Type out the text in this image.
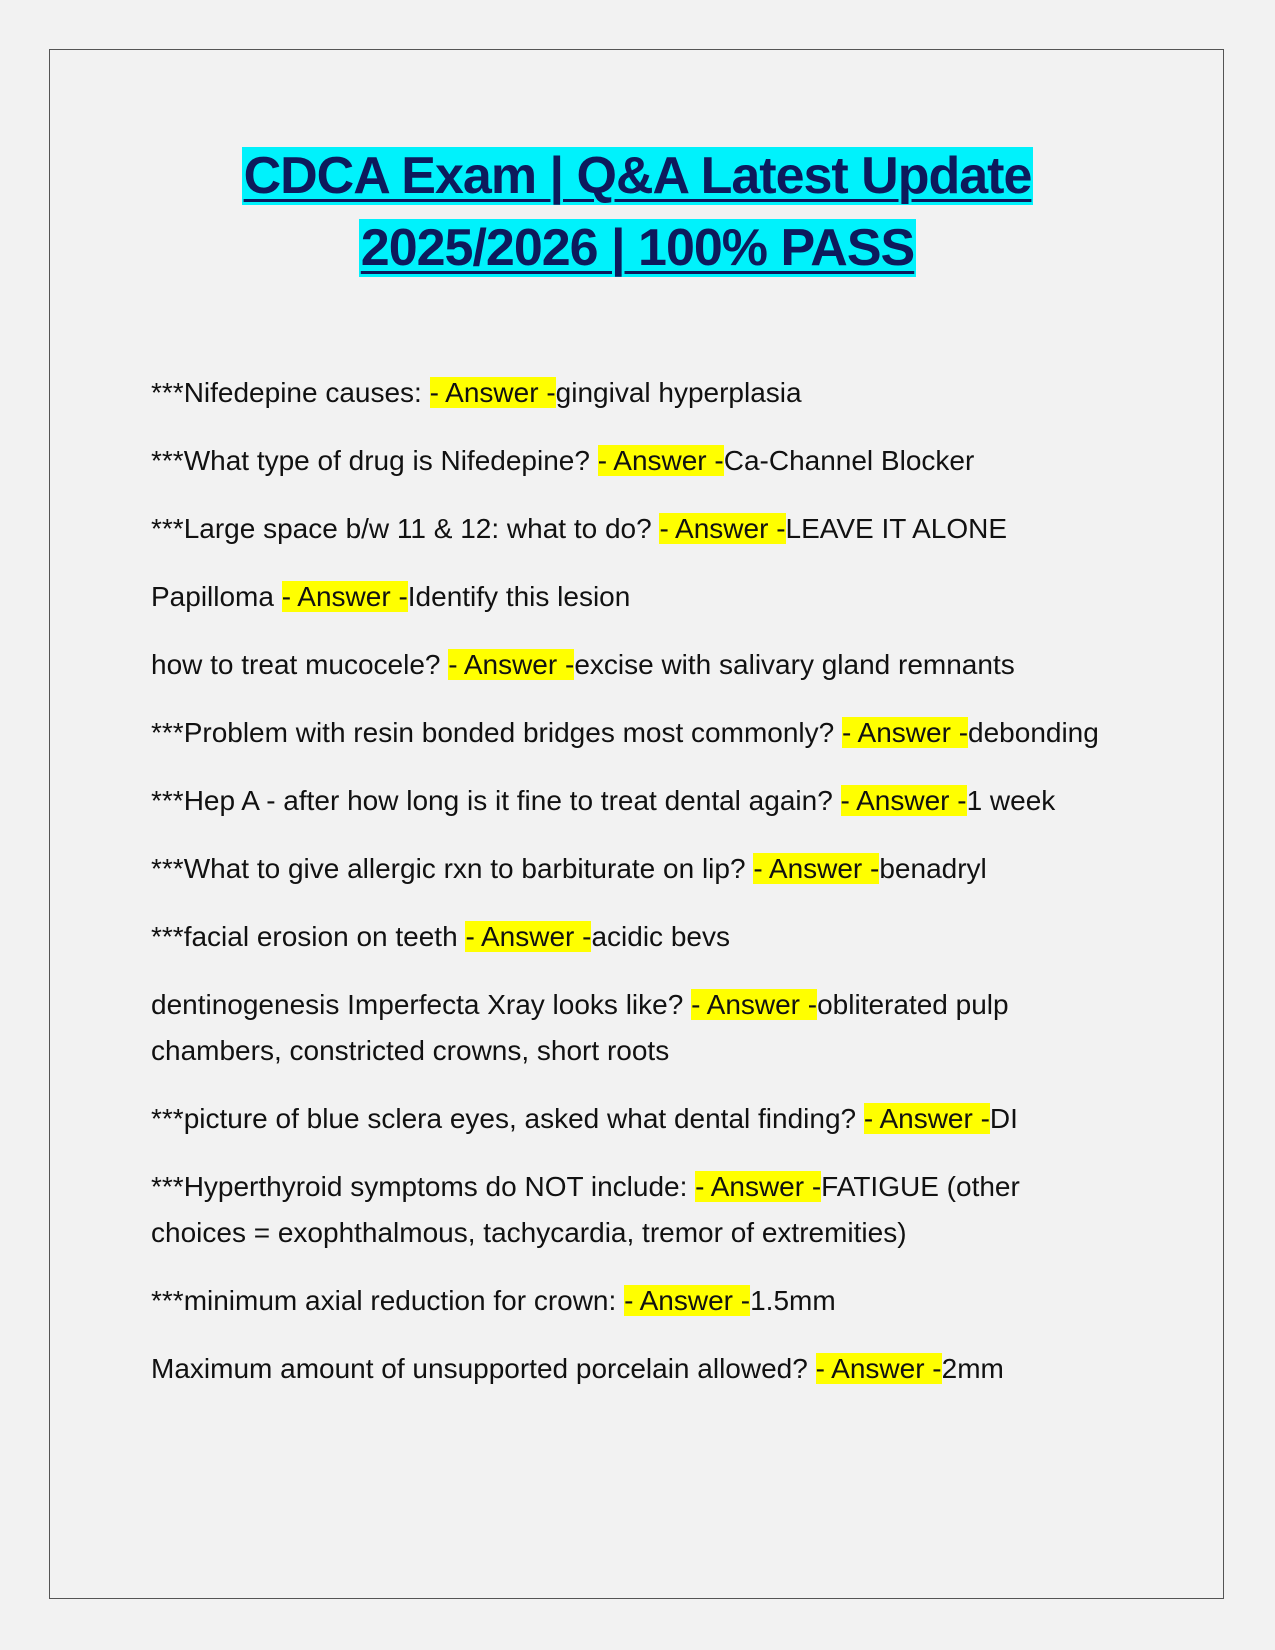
CDCA Exam | Q&A Latest Update
2025/2026 | 100% PASS
***Nifedepine causes: - Answer -gingival hyperplasia
***What type of drug is Nifedepine? - Answer -Ca-Channel Blocker
***Large space b/w 11 & 12: what to do? - Answer -LEAVE IT ALONE
Papilloma - Answer -Identify this lesion
how to treat mucocele? - Answer -excise with salivary gland remnants
***Problem with resin bonded bridges most commonly? - Answer -debonding
***Hep A - after how long is it fine to treat dental again? - Answer -1 week
***What to give allergic rxn to barbiturate on lip? - Answer -benadryl
***facial erosion on teeth - Answer -acidic bevs
dentinogenesis Imperfecta Xray looks like? - Answer -obliterated pulp chambers, constricted crowns, short roots
***picture of blue sclera eyes, asked what dental finding? - Answer -DI
***Hyperthyroid symptoms do NOT include: - Answer -FATIGUE (other choices = exophthalmous, tachycardia, tremor of extremities)
***minimum axial reduction for crown: - Answer -1.5mm
Maximum amount of unsupported porcelain allowed? - Answer -2mm
